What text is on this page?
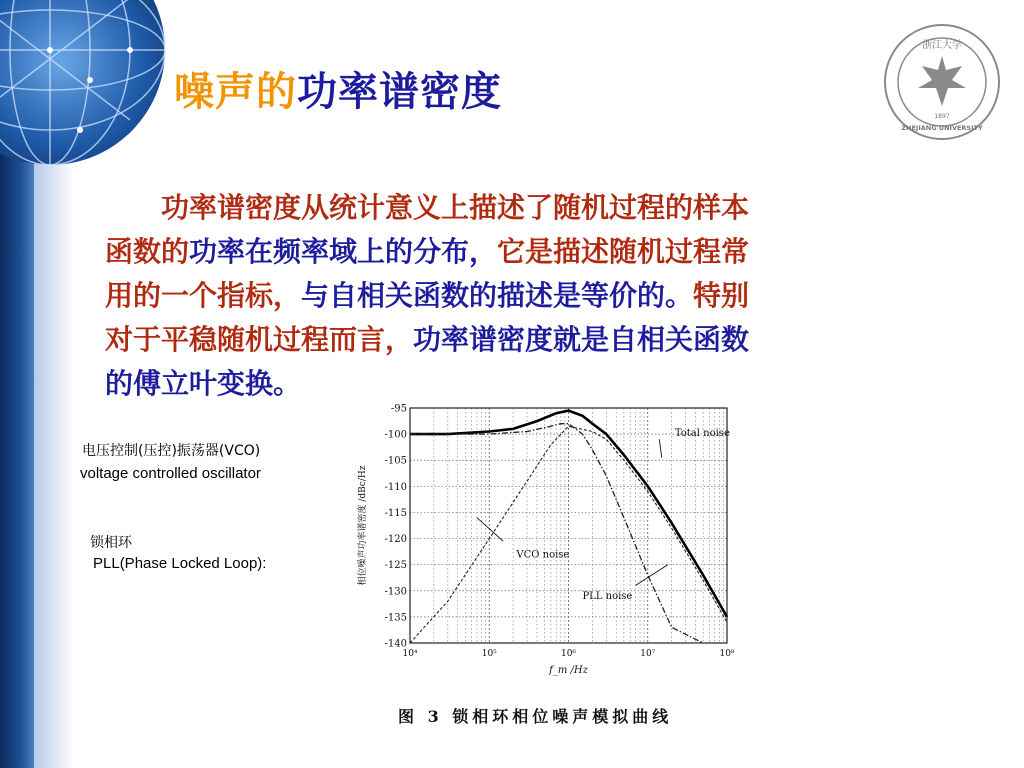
噪声的功率谱密度
浙江大学
1897
ZHEJIANG UNIVERSITY

功率谱密度从统计意义上描述了随机过程的样本

函数的功率在频率域上的分布，它是描述随机过程常

用的一个指标，与自相关函数的描述是等价的。特别

对于平稳随机过程而言，功率谱密度就是自相关函数

的傅立叶变换。

电压控制(压控)振荡器(VCO)
voltage controlled oscillator
锁相环
PLL(Phase Locked Loop):
10⁴	10⁵	10⁶	10⁷	10⁸
-95
-100
-105
-110
-115
-120
-125
-130
-135
-140
相位噪声功率谱密度 /dBc/Hz
f_m /Hz
Total noise
VCO noise
PLL noise
图 3 锁相环相位噪声模拟曲线
